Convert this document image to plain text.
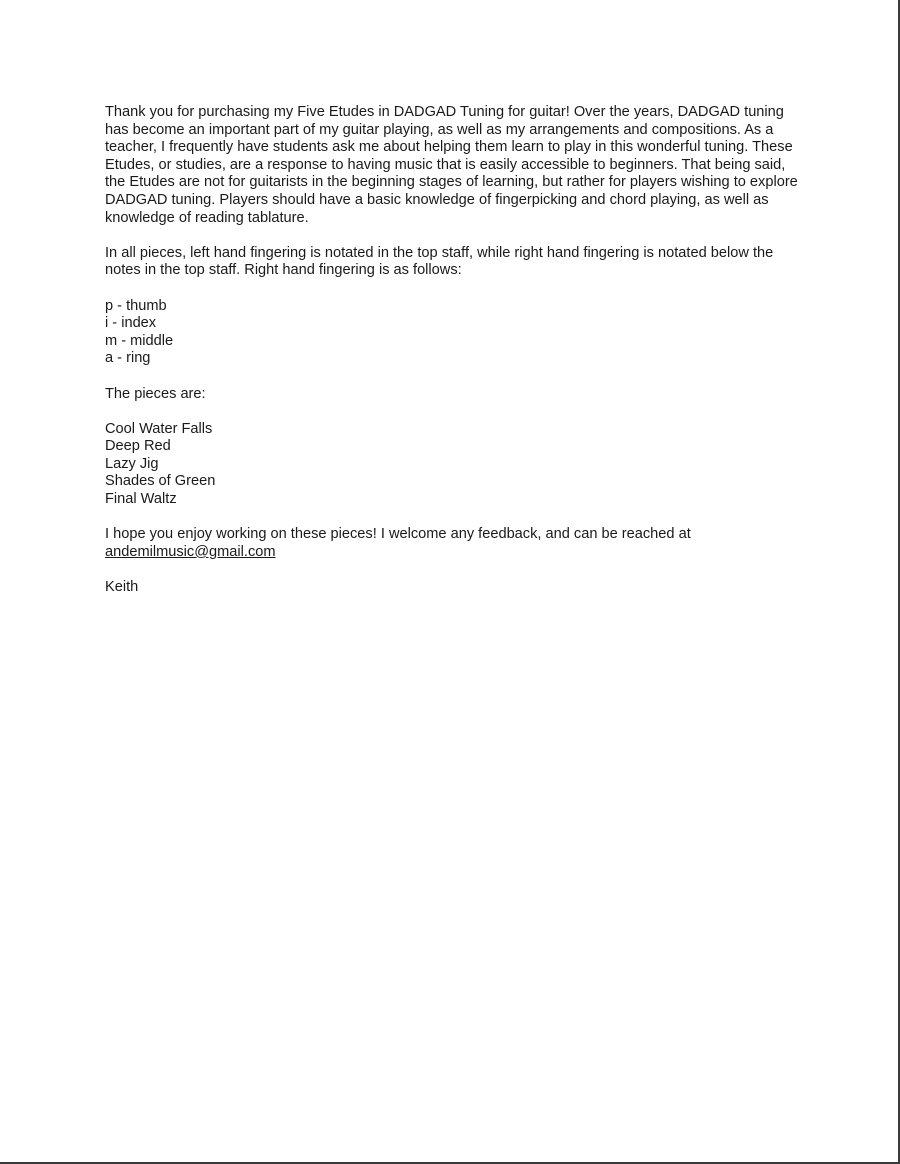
Thank you for purchasing my Five Etudes in DADGAD Tuning for guitar! Over the years, DADGAD tuning has become an important part of my guitar playing, as well as my arrangements and compositions. As a teacher, I frequently have students ask me about helping them learn to play in this wonderful tuning. These Etudes, or studies, are a response to having music that is easily accessible to beginners. That being said, the Etudes are not for guitarists in the beginning stages of learning, but rather for players wishing to explore DADGAD tuning. Players should have a basic knowledge of fingerpicking and chord playing, as well as knowledge of reading tablature.

In all pieces, left hand fingering is notated in the top staff, while right hand fingering is notated below the notes in the top staff. Right hand fingering is as follows:

p - thumb
i - index
m - middle
a - ring

The pieces are:

Cool Water Falls
Deep Red
Lazy Jig
Shades of Green
Final Waltz

I hope you enjoy working on these pieces! I welcome any feedback, and can be reached at
andemilmusic@gmail.com

Keith
